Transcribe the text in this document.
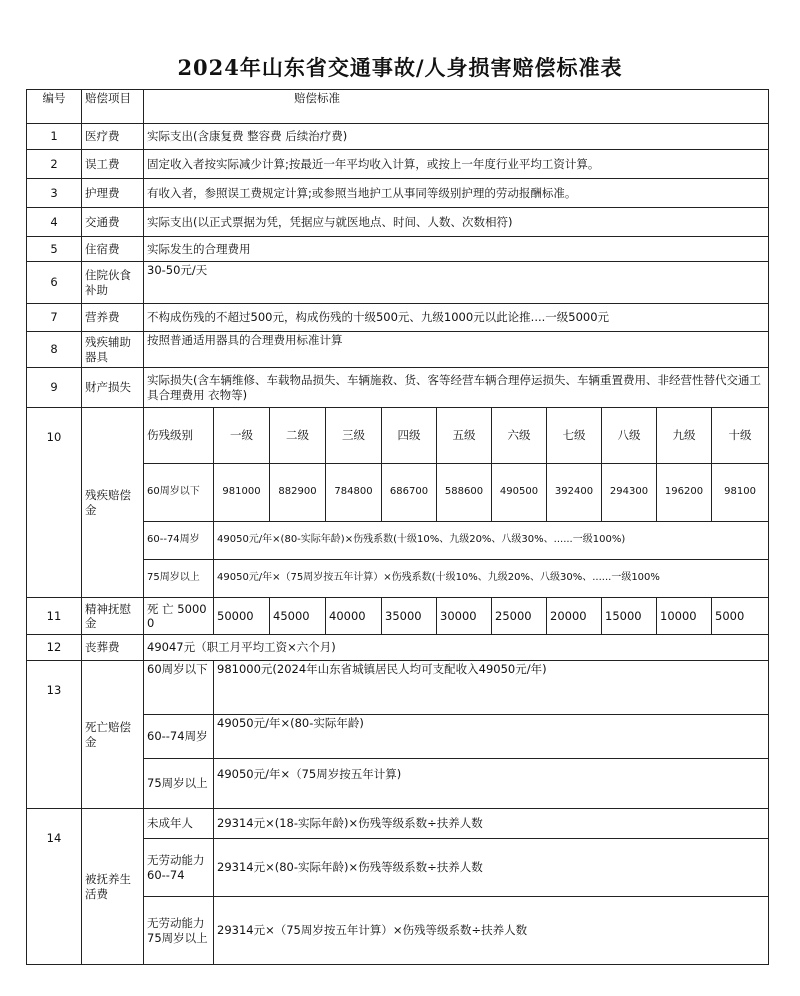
2024年山东省交通事故/人身损害赔偿标准表
编号	赔偿项目	赔偿标准										
1	医疗费	实际支出(含康复费 整容费 后续治疗费)										
2	误工费	固定收入者按实际减少计算;按最近一年平均收入计算，或按上一年度行业平均工资计算。										
3	护理费	有收入者，参照误工费规定计算;或参照当地护工从事同等级别护理的劳动报酬标准。										
4	交通费	实际支出(以正式票据为凭，凭据应与就医地点、时间、人数、次数相符)										
5	住宿费	实际发生的合理费用										
6	住院伙食补助	30-50元/天										
7	营养费	不构成伤残的不超过500元，构成伤残的十级500元、九级1000元以此论推....一级5000元										
8	残疾辅助器具	按照普通适用器具的合理费用标准计算										
9	财产损失	实际损失(含车辆维修、车载物品损失、车辆施救、货、客等经营车辆合理停运损失、车辆重置费用、非经营性替代交通工具合理费用 衣物等)										
10	残疾赔偿金	伤残级别	一级	二级	三级	四级	五级	六级	七级	八级	九级	十级
		60周岁以下	981000	882900	784800	686700	588600	490500	392400	294300	196200	98100
		60--74周岁	49050元/年×(80-实际年龄)×伤残系数(十级10%、九级20%、八级30%、......一级100%)									
		75周岁以上	49050元/年×（75周岁按五年计算）×伤残系数(十级10%、九级20%、八级30%、......一级100%									
11	精神抚慰金	死 亡 50000	50000	45000	40000	35000	30000	25000	20000	15000	10000	5000
12	丧葬费	49047元（职工月平均工资×六个月)										
13	死亡赔偿金	60周岁以下	981000元(2024年山东省城镇居民人均可支配收入49050元/年)									
		60--74周岁	49050元/年×(80-实际年龄)									
		75周岁以上	49050元/年×（75周岁按五年计算)									
14	被抚养生活费	未成年人	29314元×(18-实际年龄)×伤残等级系数÷扶养人数									
		无劳动能力 60--74	29314元×(80-实际年龄)×伤残等级系数÷扶养人数									
		无劳动能力75周岁以上	29314元×（75周岁按五年计算）×伤残等级系数÷扶养人数									
